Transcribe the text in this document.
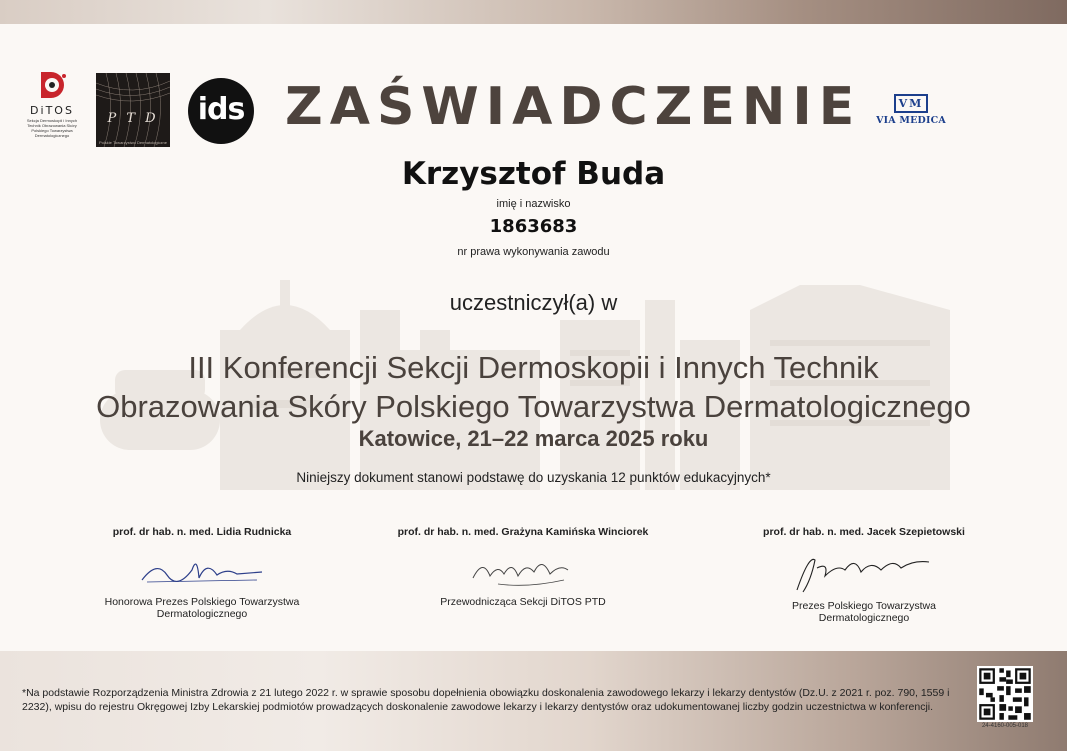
DiTOS
Sekcja Dermoskopii i Innych Technik Obrazowania Skóry Polskiego Towarzystwa Dermatologicznego
P T D
Polskie Towarzystwo Dermatologiczne
ids ZAŚWIADCZENIE	VM
VIA MEDICA
Krzysztof Buda
imię i nazwisko
1863683
nr prawa wykonywania zawodu
uczestniczył(a) w
III Konferencji Sekcji Dermoskopii i Innych Technik
Obrazowania Skóry Polskiego Towarzystwa Dermatologicznego
Katowice, 21–22 marca 2025 roku
Niniejszy dokument stanowi podstawę do uzyskania 12 punktów edukacyjnych*
prof. dr hab. n. med. Lidia Rudnicka
Honorowa Prezes Polskiego Towarzystwa
Dermatologicznego
prof. dr hab. n. med. Grażyna Kamińska Winciorek
Przewodnicząca Sekcji DiTOS PTD
prof. dr hab. n. med. Jacek Szepietowski
Prezes Polskiego Towarzystwa
Dermatologicznego
*Na podstawie Rozporządzenia Ministra Zdrowia z 21 lutego 2022 r. w sprawie sposobu dopełnienia obowiązku doskonalenia zawodowego lekarzy i lekarzy dentystów (Dz.U. z 2021 r. poz. 790, 1559 i 2232), wpisu do rejestru Okręgowej Izby Lekarskiej podmiotów prowadzących doskonalenie zawodowe lekarzy i lekarzy dentystów oraz udokumentowanej liczby godzin uczestnictwa w konferencji.
24-4160-005-018
